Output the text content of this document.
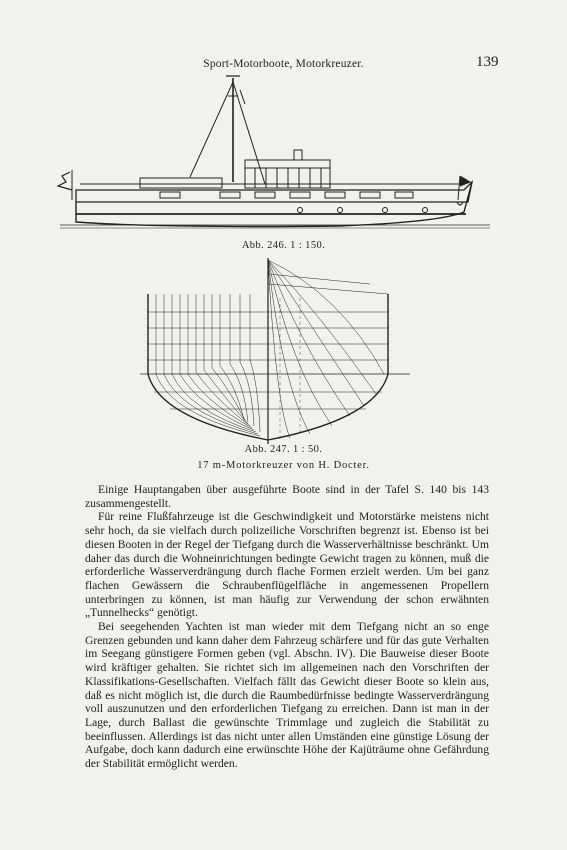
Sport-Motorboote, Motorkreuzer.	139
Abb. 246. 1 : 150.
Abb. 247. 1 : 50.
17 m-Motorkreuzer von H. Docter.

Einige Hauptangaben über ausgeführte Boote sind in der Tafel S. 140 bis 143 zusammengestellt.

Für reine Flußfahrzeuge ist die Geschwindigkeit und Motorstärke meistens nicht sehr hoch, da sie vielfach durch polizeiliche Vorschriften begrenzt ist. Ebenso ist bei diesen Booten in der Regel der Tiefgang durch die Wasserverhältnisse beschränkt. Um daher das durch die Wohneinrichtungen bedingte Gewicht tragen zu können, muß die erforderliche Wasserverdrängung durch flache Formen erzielt werden. Um bei ganz flachen Gewässern die Schraubenflügelfläche in angemessenen Propellern unterbringen zu können, ist man häufig zur Verwendung der schon erwähnten „Tunnelhecks“ genötigt.

Bei seegehenden Yachten ist man wieder mit dem Tiefgang nicht an so enge Grenzen gebunden und kann daher dem Fahrzeug schärfere und für das gute Verhalten im Seegang günstigere Formen geben (vgl. Abschn. IV). Die Bauweise dieser Boote wird kräftiger gehalten. Sie richtet sich im allgemeinen nach den Vorschriften der Klassifikations-Gesellschaften. Vielfach fällt das Gewicht dieser Boote so klein aus, daß es nicht möglich ist, die durch die Raumbedürfnisse bedingte Wasserverdrängung voll auszunutzen und den erforderlichen Tiefgang zu erreichen. Dann ist man in der Lage, durch Ballast die gewünschte Trimmlage und zugleich die Stabilität zu beeinflussen. Allerdings ist das nicht unter allen Umständen eine günstige Lösung der Aufgabe, doch kann dadurch eine erwünschte Höhe der Kajüträume ohne Gefährdung der Stabilität ermöglicht werden.
